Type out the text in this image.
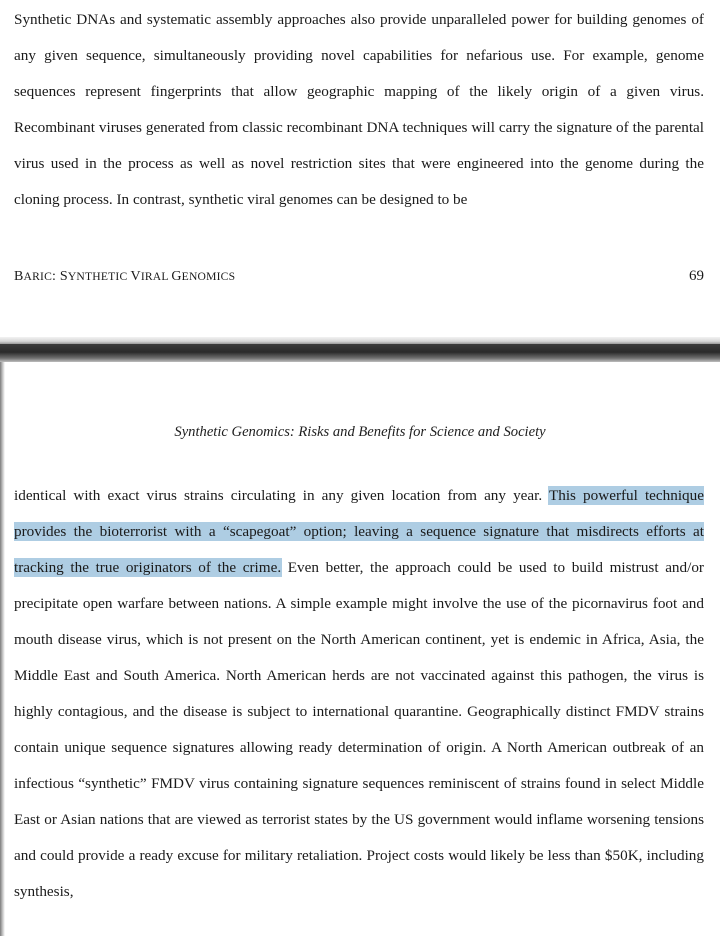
Synthetic DNAs and systematic assembly approaches also provide unparalleled power for building genomes of any given sequence, simultaneously providing novel capabilities for nefarious use. For example, genome sequences represent fingerprints that allow geographic mapping of the likely origin of a given virus. Recombinant viruses generated from classic recombinant DNA techniques will carry the signature of the parental virus used in the process as well as novel restriction sites that were engineered into the genome during the cloning process. In contrast, synthetic viral genomes can be designed to be
BARIC: SYNTHETIC VIRAL GENOMICS	69
Synthetic Genomics: Risks and Benefits for Science and Society
identical with exact virus strains circulating in any given location from any year. This powerful technique provides the bioterrorist with a “scapegoat” option; leaving a sequence signature that misdirects efforts at tracking the true originators of the crime. Even better, the approach could be used to build mistrust and/or precipitate open warfare between nations. A simple example might involve the use of the picornavirus foot and mouth disease virus, which is not present on the North American continent, yet is endemic in Africa, Asia, the Middle East and South America. North American herds are not vaccinated against this pathogen, the virus is highly contagious, and the disease is subject to international quarantine. Geographically distinct FMDV strains contain unique sequence signatures allowing ready determination of origin. A North American outbreak of an infectious “synthetic” FMDV virus containing signature sequences reminiscent of strains found in select Middle East or Asian nations that are viewed as terrorist states by the US government would inflame worsening tensions and could provide a ready excuse for military retaliation. Project costs would likely be less than $50K, including synthesis,
